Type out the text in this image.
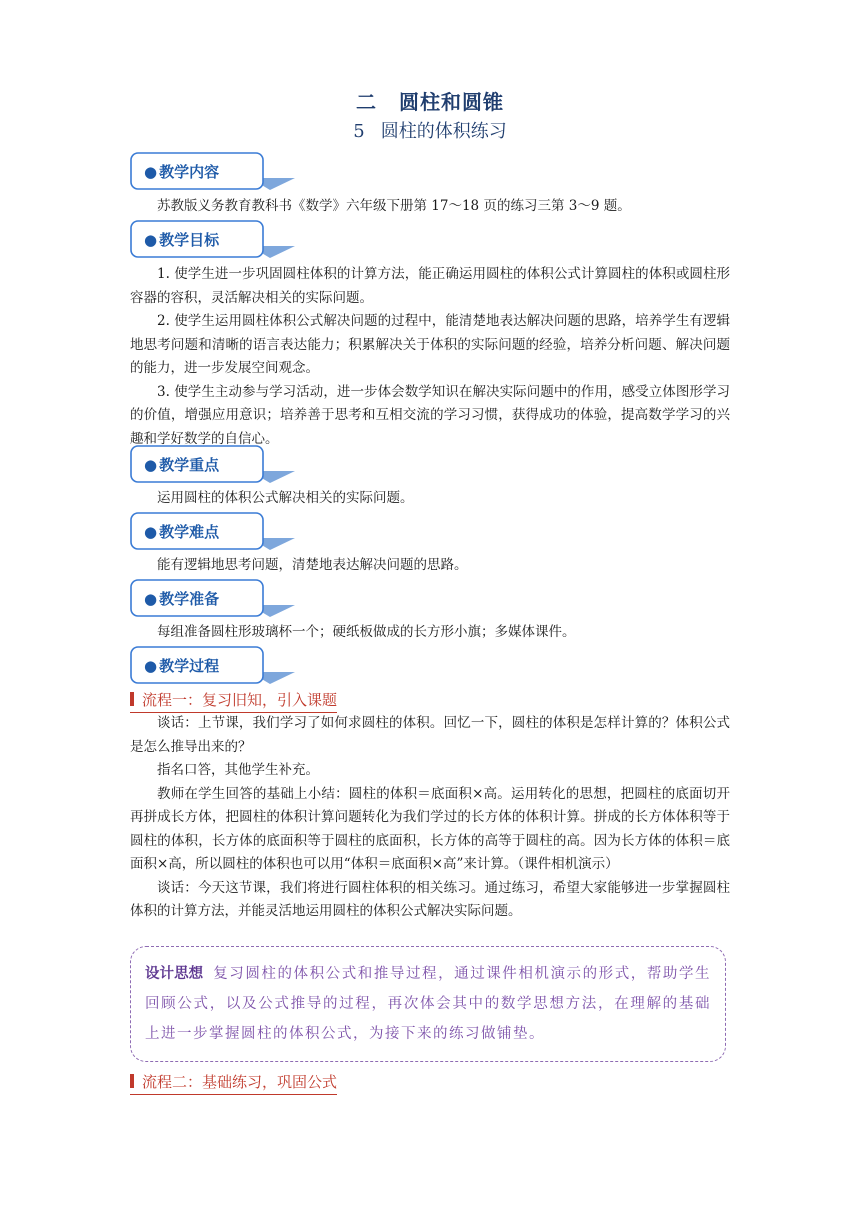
二 圆柱和圆锥
5 圆柱的体积练习
● 教学内容

苏教版义务教育教科书《数学》六年级下册第 17～18 页的练习三第 3～9 题。

● 教学目标

1. 使学生进一步巩固圆柱体积的计算方法，能正确运用圆柱的体积公式计算圆柱的体积或圆柱形容器的容积，灵活解决相关的实际问题。

2. 使学生运用圆柱体积公式解决问题的过程中，能清楚地表达解决问题的思路，培养学生有逻辑地思考问题和清晰的语言表达能力；积累解决关于体积的实际问题的经验，培养分析问题、解决问题的能力，进一步发展空间观念。

3. 使学生主动参与学习活动，进一步体会数学知识在解决实际问题中的作用，感受立体图形学习的价值，增强应用意识；培养善于思考和互相交流的学习习惯，获得成功的体验，提高数学学习的兴趣和学好数学的自信心。

● 教学重点

运用圆柱的体积公式解决相关的实际问题。

● 教学难点

能有逻辑地思考问题，清楚地表达解决问题的思路。

● 教学准备

每组准备圆柱形玻璃杯一个；硬纸板做成的长方形小旗；多媒体课件。

● 教学过程
流程一：复习旧知，引入课题

谈话：上节课，我们学习了如何求圆柱的体积。回忆一下，圆柱的体积是怎样计算的？体积公式是怎么推导出来的？

指名口答，其他学生补充。

教师在学生回答的基础上小结：圆柱的体积＝底面积×高。运用转化的思想，把圆柱的底面切开再拼成长方体，把圆柱的体积计算问题转化为我们学过的长方体的体积计算。拼成的长方体体积等于圆柱的体积，长方体的底面积等于圆柱的底面积，长方体的高等于圆柱的高。因为长方体的体积＝底面积×高，所以圆柱的体积也可以用“体积＝底面积×高”来计算。（课件相机演示）

谈话：今天这节课，我们将进行圆柱体积的相关练习。通过练习，希望大家能够进一步掌握圆柱体积的计算方法，并能灵活地运用圆柱的体积公式解决实际问题。

设计思想 复习圆柱的体积公式和推导过程，通过课件相机演示的形式，帮助学生回顾公式，以及公式推导的过程，再次体会其中的数学思想方法，在理解的基础上进一步掌握圆柱的体积公式，为接下来的练习做铺垫。

流程二：基础练习，巩固公式
